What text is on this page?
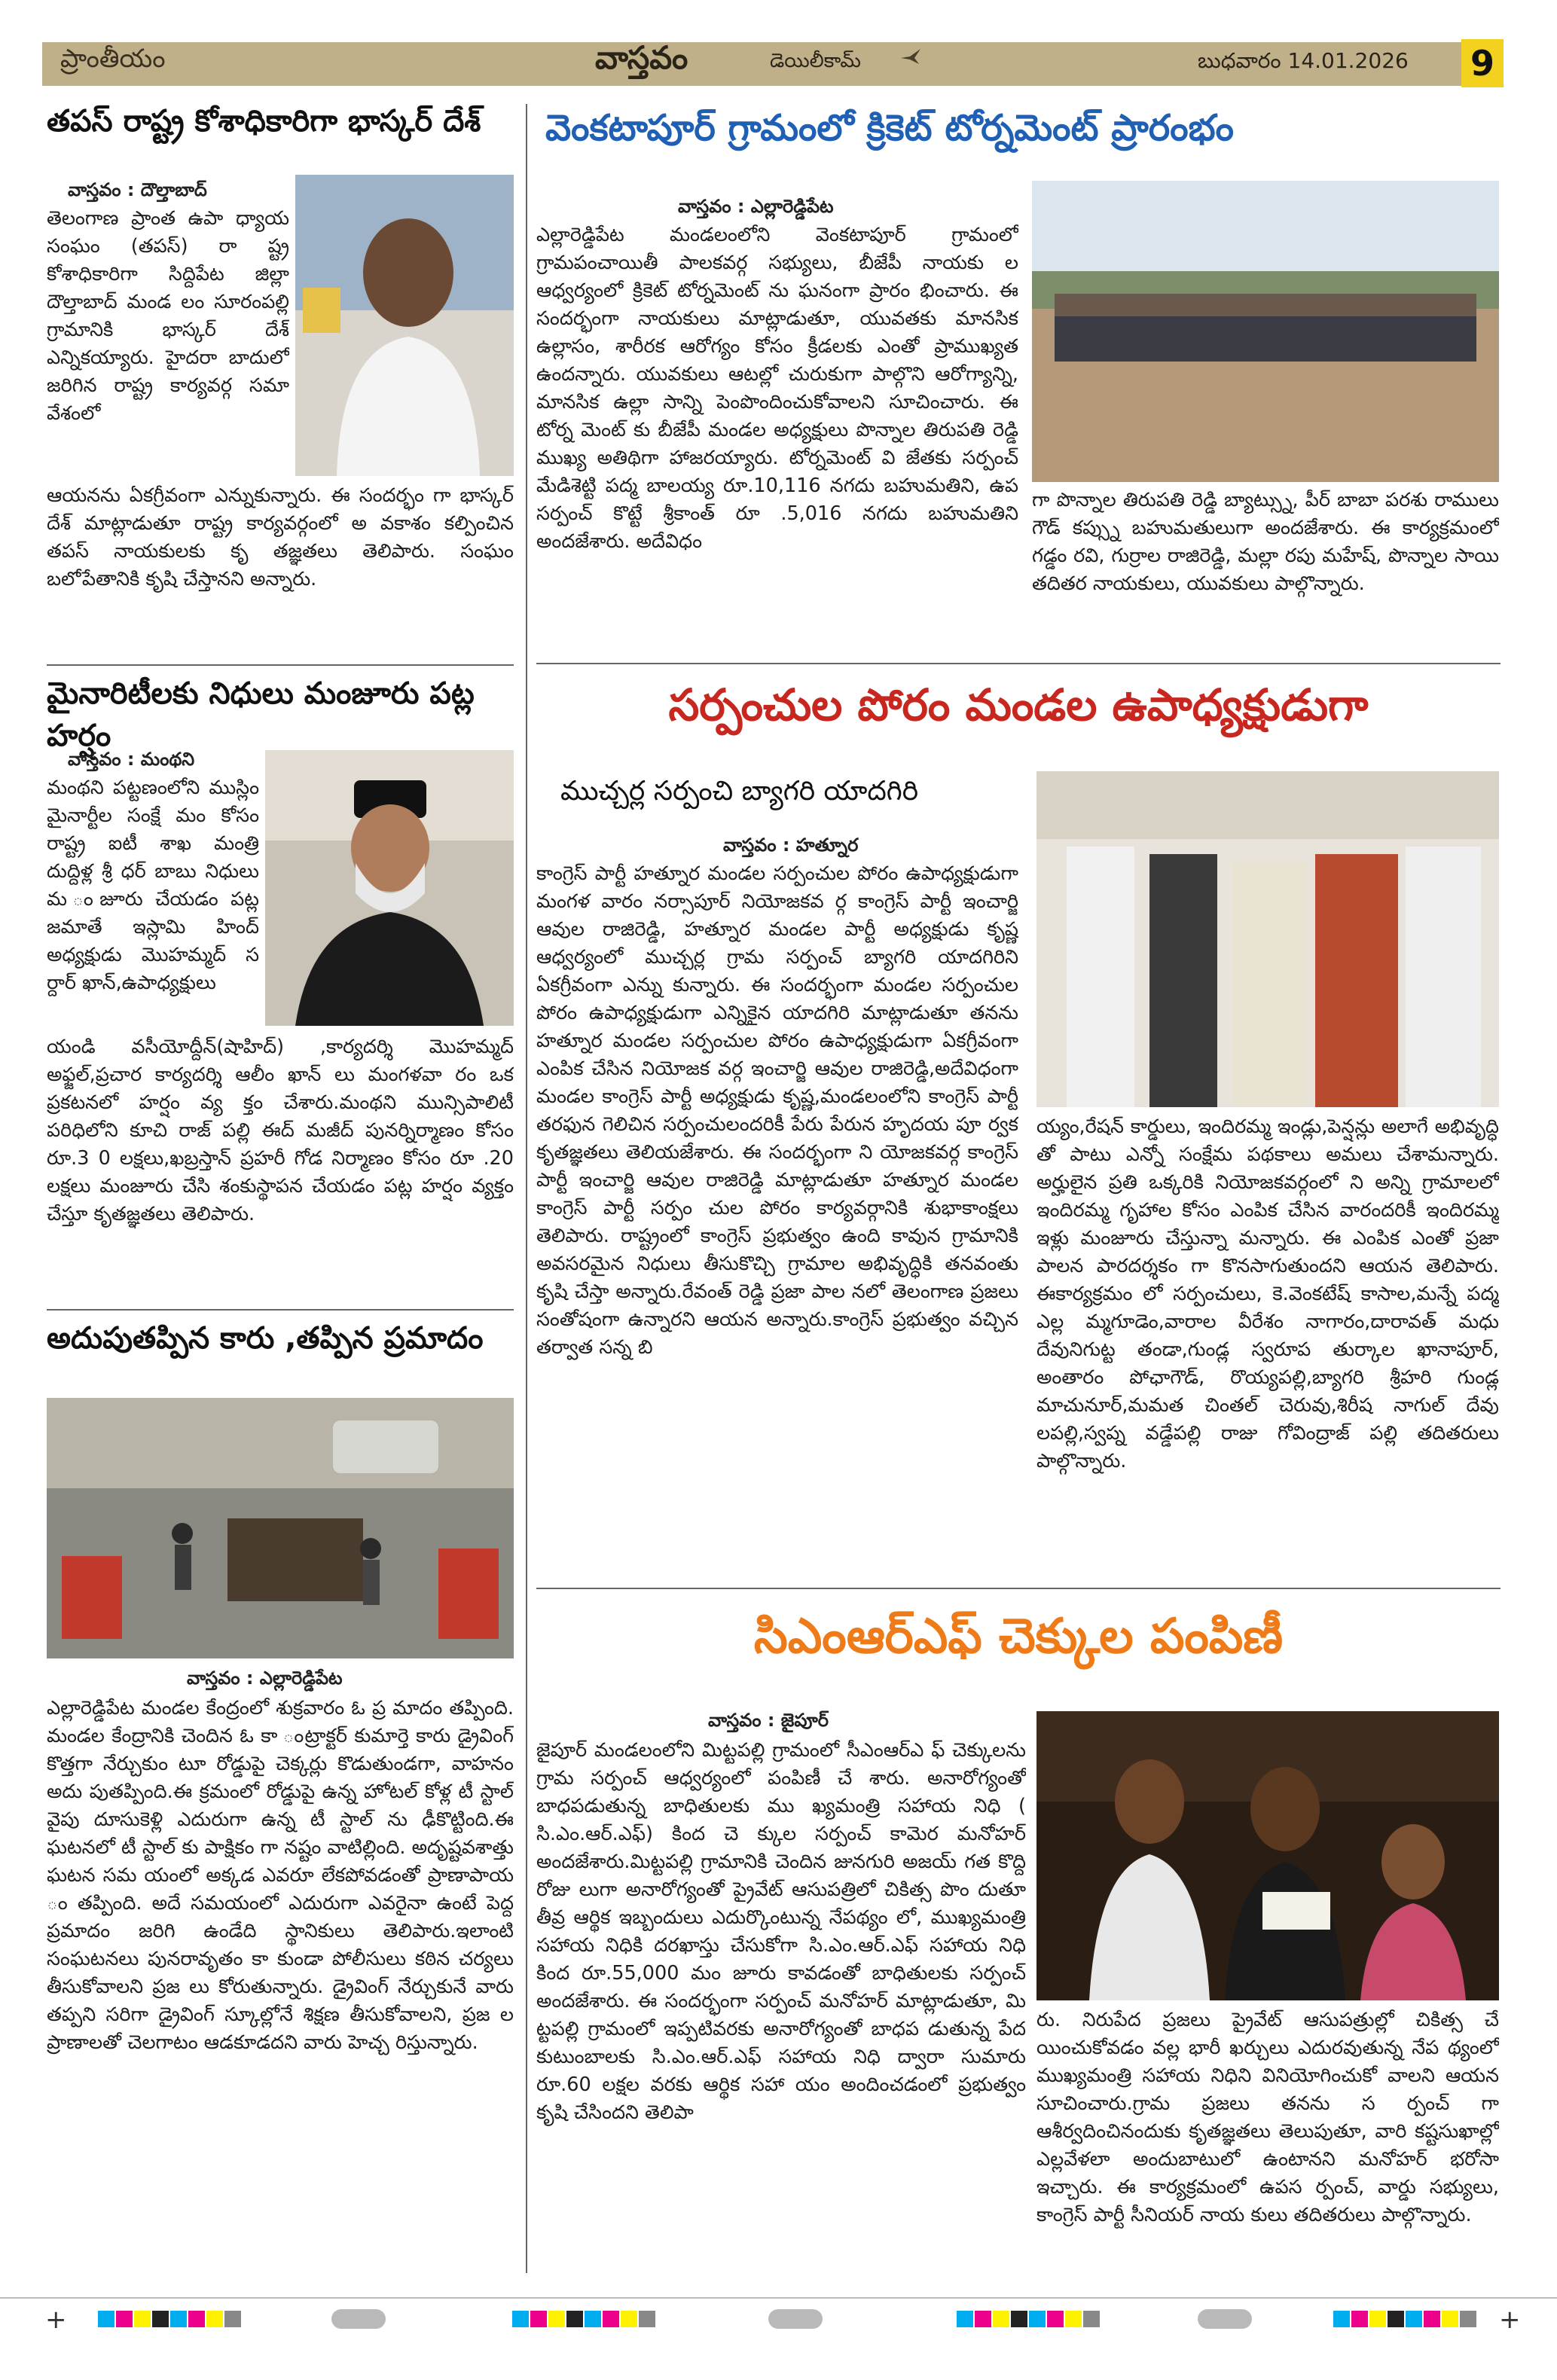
ప్రాంతీయం	వాస్తవం	డెయిలీకామ్	బుధవారం 14.01.2026 9
తపస్ రాష్ట్ర కోశాధికారిగా భాస్కర్ దేశ్
వాస్తవం : దౌల్తాబాద్
తెలంగాణ ప్రాంత ఉపా ధ్యాయ సంఘం (తపస్) రా ష్ట్ర కోశాధికారిగా సిద్దిపేట జిల్లా దౌల్తాబాద్ మండ లం సూరంపల్లి గ్రామానికి భాస్కర్ దేశ్ ఎన్నికయ్యారు. హైదరా బాదులో జరిగిన రాష్ట్ర కార్యవర్గ సమా వేశంలో
ఆయనను ఏకగ్రీవంగా ఎన్నుకున్నారు. ఈ సందర్భం గా భాస్కర్ దేశ్ మాట్లాడుతూ రాష్ట్ర కార్యవర్గంలో అ వకాశం కల్పించిన తపస్ నాయకులకు కృ తజ్ఞతలు తెలిపారు. సంఘం బలోపేతానికి కృషి చేస్తానని అన్నారు.
మైనారిటీలకు నిధులు మంజూరు పట్ల హర్షం
వాస్తవం : మంథని
మంథని పట్టణంలోని ముస్లిం మైనార్టీల సంక్షే మం కోసం రాష్ట్ర ఐటీ శాఖ మంత్రి దుద్దిళ్ల శ్రీ ధర్ బాబు నిధులు మ ంజూరు చేయడం పట్ల జమాతే ఇస్లామి హింద్ అధ్యక్షుడు మొహమ్మద్ స ర్దార్ ఖాన్,ఉపాధ్యక్షులు
యండి వసీయోద్దీన్(షాహిద్) ,కార్యదర్శి మొహమ్మద్ అఫ్జల్,ప్రచార కార్యదర్శి ఆలీం ఖాన్ లు మంగళవా రం ఒక ప్రకటనలో హర్షం వ్య క్తం చేశారు.మంథని మున్సిపాలిటీ పరిధిలోని కూచి రాజ్ పల్లి ఈద్ మజీద్ పునర్నిర్మాణం కోసం రూ.3 0 లక్షలు,ఖబ్రస్తాన్ ప్రహరీ గోడ నిర్మాణం కోసం రూ .20 లక్షలు మంజూరు చేసి శంకుస్థాపన చేయడం పట్ల హర్షం వ్యక్తం చేస్తూ కృతజ్ఞతలు తెలిపారు.
అదుపుతప్పిన కారు ,తప్పిన ప్రమాదం
వాస్తవం : ఎల్లారెడ్డిపేట
ఎల్లారెడ్డిపేట మండల కేంద్రంలో శుక్రవారం ఓ ప్ర మాదం తప్పింది. మండల కేంద్రానికి చెందిన ఓ కా ంట్రాక్టర్ కుమార్తె కారు డ్రైవింగ్ కొత్తగా నేర్చుకుం టూ రోడ్డుపై చెక్కర్లు కొడుతుండగా, వాహనం అదు పుతప్పింది.ఈ క్రమంలో రోడ్డుపై ఉన్న హోటల్ కోళ్ల టీ స్టాల్ వైపు దూసుకెళ్లి ఎదురుగా ఉన్న టీ స్టాల్ ను ఢీకొట్టింది.ఈ ఘటనలో టీ స్టాల్ కు పాక్షికం గా నష్టం వాటిల్లింది. అదృష్టవశాత్తు ఘటన సమ యంలో అక్కడ ఎవరూ లేకపోవడంతో ప్రాణాపాయ ం తప్పింది. అదే సమయంలో ఎదురుగా ఎవరైనా ఉంటే పెద్ద ప్రమాదం జరిగి ఉండేది స్థానికులు తెలిపారు.ఇలాంటి సంఘటనలు పునరావృతం కా కుండా పోలీసులు కఠిన చర్యలు తీసుకోవాలని ప్రజ లు కోరుతున్నారు. డ్రైవింగ్ నేర్చుకునే వారు తప్పని సరిగా డ్రైవింగ్ స్కూల్లోనే శిక్షణ తీసుకోవాలని, ప్రజ ల ప్రాణాలతో చెలగాటం ఆడకూడదని వారు హెచ్చ రిస్తున్నారు.
వెంకటాపూర్ గ్రామంలో క్రికెట్ టోర్నమెంట్ ప్రారంభం
వాస్తవం : ఎల్లారెడ్డిపేట
ఎల్లారెడ్డిపేట మండలంలోని వెంకటాపూర్ గ్రామంలో గ్రామపంచాయితీ పాలకవర్గ సభ్యులు, బీజేపీ నాయకు ల ఆధ్వర్యంలో క్రికెట్ టోర్నమెంట్ ను ఘనంగా ప్రారం భించారు. ఈ సందర్భంగా నాయకులు మాట్లాడుతూ, యువతకు మానసిక ఉల్లాసం, శారీరక ఆరోగ్యం కోసం క్రీడలకు ఎంతో ప్రాముఖ్యత ఉందన్నారు. యువకులు ఆటల్లో చురుకుగా పాల్గొని ఆరోగ్యాన్ని, మానసిక ఉల్లా సాన్ని పెంపొందించుకోవాలని సూచించారు. ఈ టోర్న మెంట్ కు బీజేపీ మండల అధ్యక్షులు పొన్నాల తిరుపతి రెడ్డి ముఖ్య అతిథిగా హాజరయ్యారు. టోర్నమెంట్ వి జేతకు సర్పంచ్ మేడిశెట్టి పద్మ బాలయ్య రూ.10,116 నగదు బహుమతిని, ఉప సర్పంచ్ కొట్టే శ్రీకాంత్ రూ .5,016 నగదు బహుమతిని అందజేశారు. అదేవిధం
గా పొన్నాల తిరుపతి రెడ్డి బ్యాట్స్ను, పీర్ బాబా పరశు రాములు గౌడ్ కప్స్ను బహుమతులుగా అందజేశారు. ఈ కార్యక్రమంలో గడ్డం రవి, గుర్రాల రాజిరెడ్డి, మల్లా రపు మహేష్, పొన్నాల సాయి తదితర నాయకులు, యువకులు పాల్గొన్నారు.
సర్పంచుల పోరం మండల ఉపాధ్యక్షుడుగా
ముచ్చర్ల సర్పంచి బ్యాగరి యాదగిరి
వాస్తవం : హత్నూర
కాంగ్రెస్ పార్టీ హత్నూర మండల సర్పంచుల పోరం ఉపాధ్యక్షుడుగా మంగళ వారం నర్సాపూర్ నియోజకవ ర్గ కాంగ్రెస్ పార్టీ ఇంచార్జి ఆవుల రాజిరెడ్డి, హత్నూర మండల పార్టీ అధ్యక్షుడు కృష్ణ ఆధ్వర్యంలో ముచ్చర్ల గ్రామ సర్పంచ్ బ్యాగరి యాదగిరిని ఏకగ్రీవంగా ఎన్ను కున్నారు. ఈ సందర్భంగా మండల సర్పంచుల పోరం ఉపాధ్యక్షుడుగా ఎన్నికైన యాదగిరి మాట్లాడుతూ తనను హత్నూర మండల సర్పంచుల పోరం ఉపాధ్యక్షుడుగా ఏకగ్రీవంగా ఎంపిక చేసిన నియోజక వర్గ ఇంచార్జి ఆవుల రాజిరెడ్డి,అదేవిధంగా మండల కాంగ్రెస్ పార్టీ అధ్యక్షుడు కృష్ణ,మండలంలోని కాంగ్రెస్ పార్టీ తరఫున గెలిచిన సర్పంచులందరికీ పేరు పేరున హృదయ పూ ర్వక కృతజ్ఞతలు తెలియజేశారు. ఈ సందర్భంగా ని యోజకవర్గ కాంగ్రెస్ పార్టీ ఇంచార్జి ఆవుల రాజిరెడ్డి మాట్లాడుతూ హత్నూర మండల కాంగ్రెస్ పార్టీ సర్పం చుల పోరం కార్యవర్గానికి శుభాకాంక్షలు తెలిపారు. రాష్ట్రంలో కాంగ్రెస్ ప్రభుత్వం ఉంది కావున గ్రామానికి అవసరమైన నిధులు తీసుకొచ్చి గ్రామాల అభివృద్ధికి తనవంతు కృషి చేస్తా అన్నారు.రేవంత్ రెడ్డి ప్రజా పాల నలో తెలంగాణ ప్రజలు సంతోషంగా ఉన్నారని ఆయన అన్నారు.కాంగ్రెస్ ప్రభుత్వం వచ్చిన తర్వాత సన్న బి
య్యం,రేషన్ కార్డులు, ఇందిరమ్మ ఇండ్లు,పెన్షన్లు అలాగే అభివృద్ధి తో పాటు ఎన్నో సంక్షేమ పథకాలు అమలు చేశామన్నారు. అర్హులైన ప్రతి ఒక్కరికి నియోజకవర్గంలో ని అన్ని గ్రామాలలో ఇందిరమ్మ గృహాల కోసం ఎంపిక చేసిన వారందరికీ ఇందిరమ్మ ఇళ్లు మంజూరు చేస్తున్నా మన్నారు. ఈ ఎంపిక ఎంతో ప్రజా పాలన పారదర్శకం గా కొనసాగుతుందని ఆయన తెలిపారు. ఈకార్యక్రమం లో సర్పంచులు, కె.వెంకటేష్ కాసాల,మన్నే పద్మ ఎల్ల మ్మగూడెం,వారాల వీరేశం నాగారం,దారావత్ మధు దేవునిగుట్ట తండా,గుండ్ల స్వరూప తుర్కాల ఖానాపూర్, అంతారం పోఛాగౌడ్, రొయ్యపల్లి,బ్యాగరి శ్రీహరి గుండ్ల మాచునూర్,మమత చింతల్ చెరువు,శిరీష నాగుల్ దేవు లపల్లి,స్వప్న వడ్డేపల్లి రాజు గోవింద్రాజ్ పల్లి తదితరులు పాల్గొన్నారు.
సిఎంఆర్ఎఫ్ చెక్కుల పంపిణీ
వాస్తవం : జైపూర్
జైపూర్ మండలంలోని మిట్టపల్లి గ్రామంలో సీఎంఆర్ఎ ఫ్ చెక్కులను గ్రామ సర్పంచ్ ఆధ్వర్యంలో పంపిణీ చే శారు. అనారోగ్యంతో బాధపడుతున్న బాధితులకు ము ఖ్యమంత్రి సహాయ నిధి ( సి.ఎం.ఆర్.ఎఫ్) కింద చె క్కుల సర్పంచ్ కామెర మనోహర్ అందజేశారు.మిట్టపల్లి గ్రామానికి చెందిన జునగురి అజయ్ గత కొద్ది రోజు లుగా అనారోగ్యంతో ప్రైవేట్ ఆసుపత్రిలో చికిత్స పొం దుతూ తీవ్ర ఆర్థిక ఇబ్బందులు ఎదుర్కొంటున్న నేపథ్యం లో, ముఖ్యమంత్రి సహాయ నిధికి దరఖాస్తు చేసుకోగా సి.ఎం.ఆర్.ఎఫ్ సహాయ నిధి కింద రూ.55,000 మం జూరు కావడంతో బాధితులకు సర్పంచ్ అందజేశారు. ఈ సందర్భంగా సర్పంచ్ మనోహర్ మాట్లాడుతూ, మి ట్టపల్లి గ్రామంలో ఇప్పటివరకు అనారోగ్యంతో బాధప డుతున్న పేద కుటుంబాలకు సి.ఎం.ఆర్.ఎఫ్ సహాయ నిధి ద్వారా సుమారు రూ.60 లక్షల వరకు ఆర్థిక సహా యం అందించడంలో ప్రభుత్వం కృషి చేసిందని తెలిపా
రు. నిరుపేద ప్రజలు ప్రైవేట్ ఆసుపత్రుల్లో చికిత్స చే యించుకోవడం వల్ల భారీ ఖర్చులు ఎదురవుతున్న నేప థ్యంలో ముఖ్యమంత్రి సహాయ నిధిని వినియోగించుకో వాలని ఆయన సూచించారు.గ్రామ ప్రజలు తనను స ర్పంచ్ గా ఆశీర్వదించినందుకు కృతజ్ఞతలు తెలుపుతూ, వారి కష్టసుఖాల్లో ఎల్లవేళలా అందుబాటులో ఉంటానని మనోహర్ భరోసా ఇచ్చారు. ఈ కార్యక్రమంలో ఉపస ర్పంచ్, వార్డు సభ్యులు, కాంగ్రెస్ పార్టీ సీనియర్ నాయ కులు తదితరులు పాల్గొన్నారు.
+	+
